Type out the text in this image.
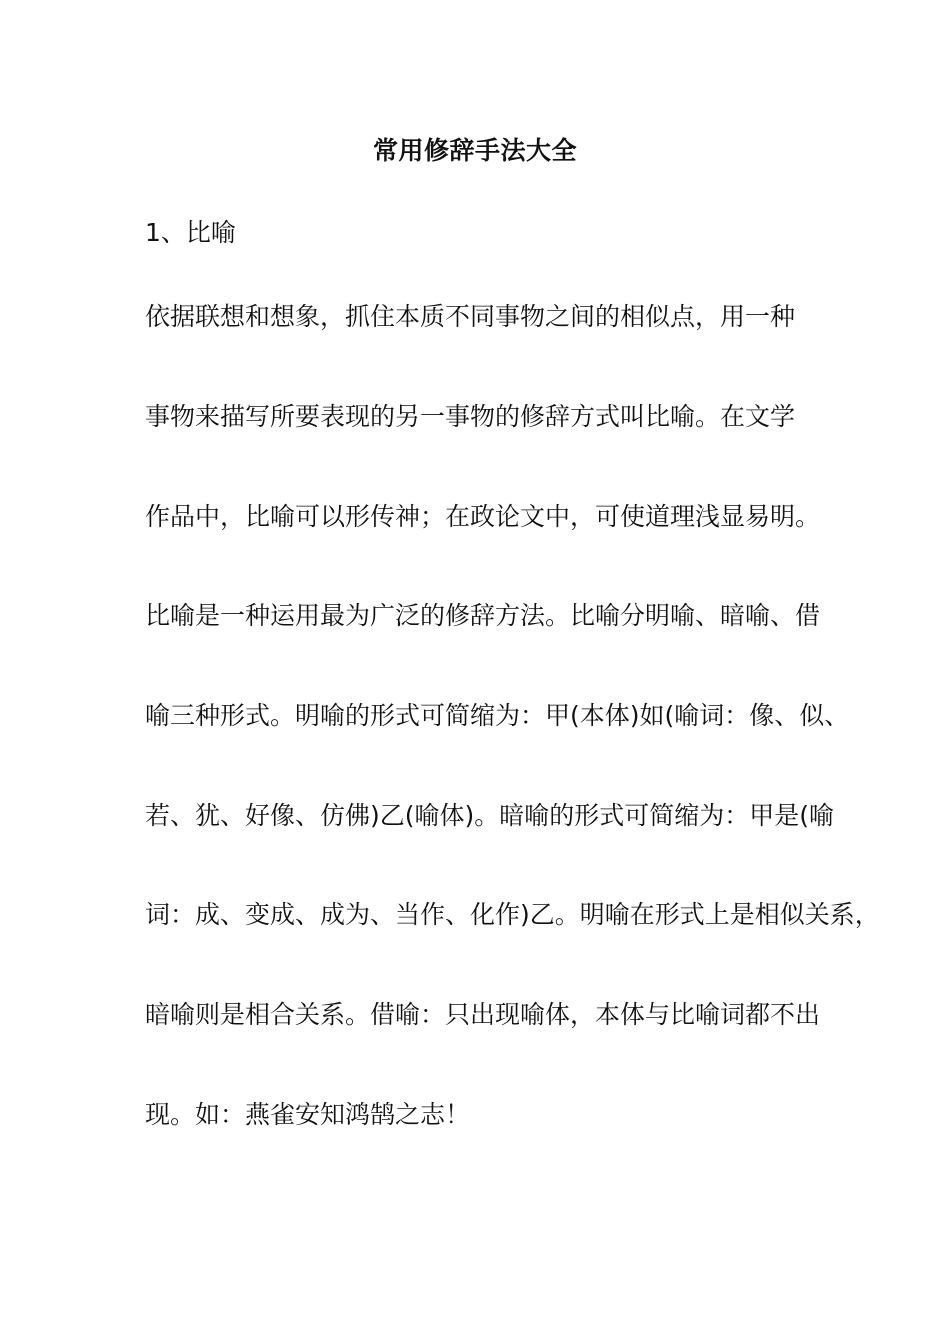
常用修辞手法大全
1、比喻
依据联想和想象，抓住本质不同事物之间的相似点，用一种
事物来描写所要表现的另一事物的修辞方式叫比喻。在文学
作品中，比喻可以形传神；在政论文中，可使道理浅显易明。
比喻是一种运用最为广泛的修辞方法。比喻分明喻、暗喻、借
喻三种形式。明喻的形式可简缩为：甲(本体)如(喻词：像、似、
若、犹、好像、仿佛)乙(喻体)。暗喻的形式可简缩为：甲是(喻
词：成、变成、成为、当作、化作)乙。明喻在形式上是相似关系，
暗喻则是相合关系。借喻：只出现喻体，本体与比喻词都不出
现。如：燕雀安知鸿鹄之志！
